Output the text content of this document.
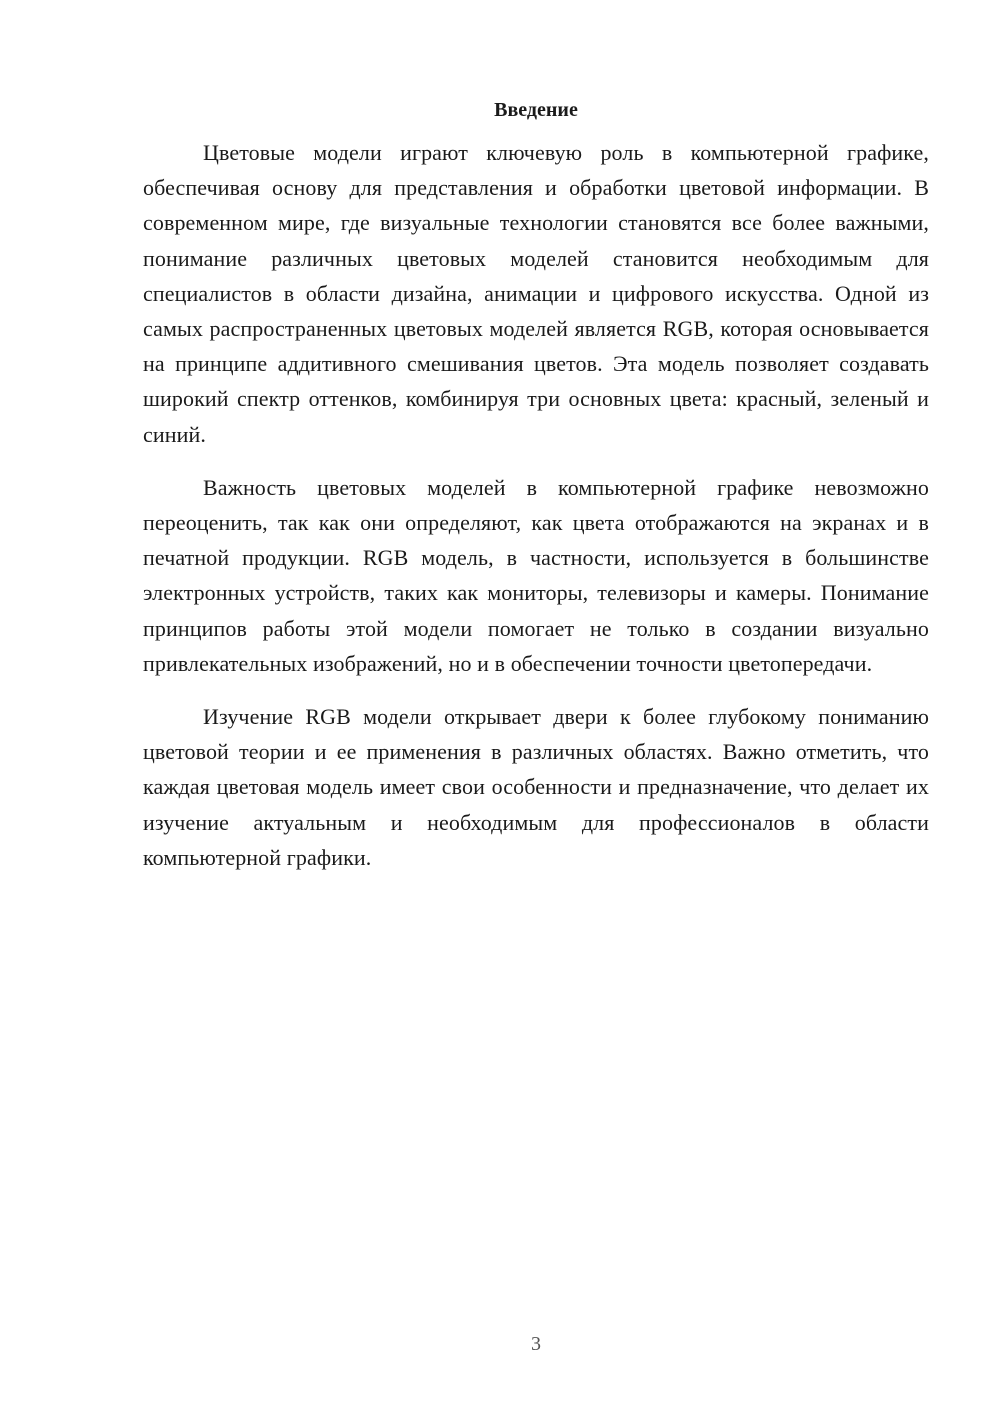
Введение

Цветовые модели играют ключевую роль в компьютерной графике, обеспечивая основу для представления и обработки цветовой информации. В современном мире, где визуальные технологии становятся все более важными, понимание различных цветовых моделей становится необходимым для специалистов в области дизайна, анимации и цифрового искусства. Одной из самых распространенных цветовых моделей является RGB, которая основывается на принципе аддитивного смешивания цветов. Эта модель позволяет создавать широкий спектр оттенков, комбинируя три основных цвета: красный, зеленый и синий.

Важность цветовых моделей в компьютерной графике невозможно переоценить, так как они определяют, как цвета отображаются на экранах и в печатной продукции. RGB модель, в частности, используется в большинстве электронных устройств, таких как мониторы, телевизоры и камеры. Понимание принципов работы этой модели помогает не только в создании визуально привлекательных изображений, но и в обеспечении точности цветопередачи.

Изучение RGB модели открывает двери к более глубокому пониманию цветовой теории и ее применения в различных областях. Важно отметить, что каждая цветовая модель имеет свои особенности и предназначение, что делает их изучение актуальным и необходимым для профессионалов в области компьютерной графики.

3
